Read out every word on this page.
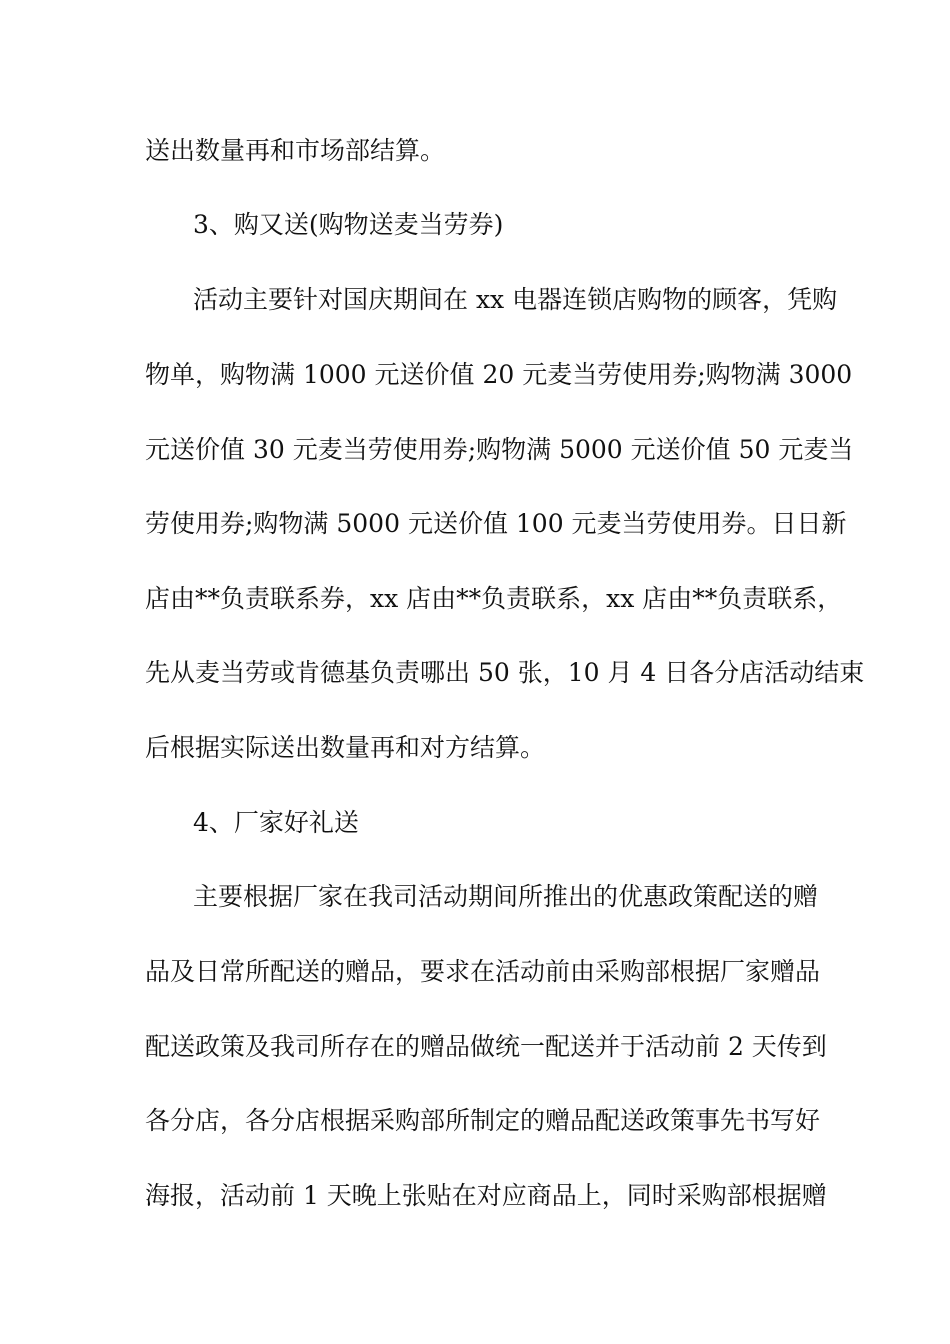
送出数量再和市场部结算。
3、购又送(购物送麦当劳券)
活动主要针对国庆期间在 xx 电器连锁店购物的顾客，凭购
物单，购物满 1000 元送价值 20 元麦当劳使用券;购物满 3000
元送价值 30 元麦当劳使用券;购物满 5000 元送价值 50 元麦当
劳使用券;购物满 5000 元送价值 100 元麦当劳使用券。日日新
店由**负责联系券，xx 店由**负责联系，xx 店由**负责联系，
先从麦当劳或肯德基负责哪出 50 张，10 月 4 日各分店活动结束
后根据实际送出数量再和对方结算。
4、厂家好礼送
主要根据厂家在我司活动期间所推出的优惠政策配送的赠
品及日常所配送的赠品，要求在活动前由采购部根据厂家赠品
配送政策及我司所存在的赠品做统一配送并于活动前 2 天传到
各分店，各分店根据采购部所制定的赠品配送政策事先书写好
海报，活动前 1 天晚上张贴在对应商品上，同时采购部根据赠
